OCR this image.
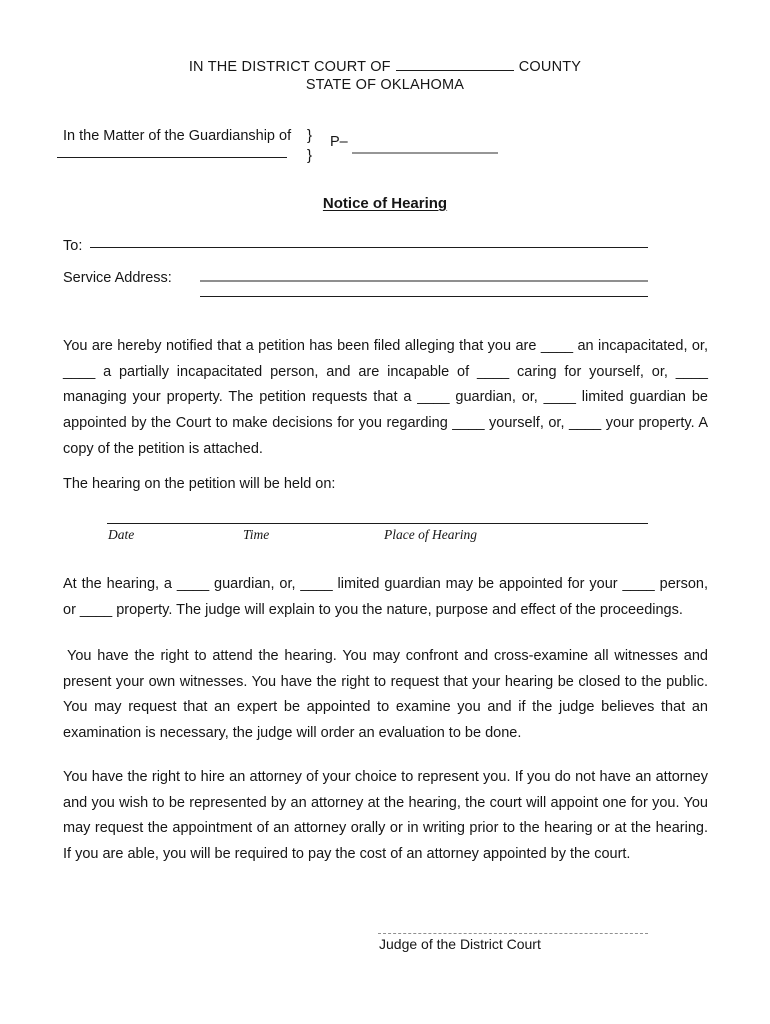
IN THE DISTRICT COURT OF	COUNTY
STATE OF OKLAHOMA
In the Matter of the Guardianship of }
}
P–
Notice of Hearing
To:
Service Address:
You are hereby notified that a petition has been filed alleging that you are ____ an incapacitated, or, ____ a partially incapacitated person, and are incapable of ____ caring for yourself, or, ____ managing your property. The petition requests that a ____ guardian, or, ____ limited guardian be appointed by the Court to make decisions for you regarding ____ yourself, or, ____ your property. A copy of the petition is attached.
The hearing on the petition will be held on:
Date	Time	Place of Hearing
At the hearing, a ____ guardian, or, ____ limited guardian may be appointed for your ____ person, or ____ property. The judge will explain to you the nature, purpose and effect of the proceedings.
You have the right to attend the hearing. You may confront and cross-examine all witnesses and present your own witnesses. You have the right to request that your hearing be closed to the public. You may request that an expert be appointed to examine you and if the judge believes that an examination is necessary, the judge will order an evaluation to be done.
You have the right to hire an attorney of your choice to represent you. If you do not have an attorney and you wish to be represented by an attorney at the hearing, the court will appoint one for you. You may request the appointment of an attorney orally or in writing prior to the hearing or at the hearing. If you are able, you will be required to pay the cost of an attorney appointed by the court.
Judge of the District Court
